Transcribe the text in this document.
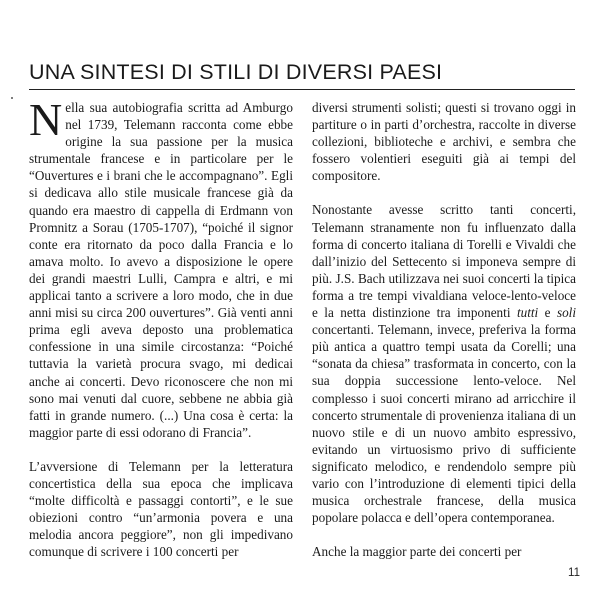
UNA SINTESI DI STILI DI DIVERSI PAESI

Nella sua autobiografia scritta ad Amburgo nel 1739, Telemann racconta come ebbe origine la sua passione per la musica strumentale francese e in particolare per le “Ouvertures e i brani che le accompagnano”. Egli si dedicava allo stile musicale francese già da quando era maestro di cappella di Erdmann von Promnitz a Sorau (1705-1707), “poiché il signor conte era ritornato da poco dalla Francia e lo amava molto. Io avevo a disposizione le opere dei grandi maestri Lulli, Campra e altri, e mi applicai tanto a scrivere a loro modo, che in due anni misi su circa 200 ouvertures”. Già venti anni prima egli aveva deposto una problematica confessione in una simile circostanza: “Poiché tuttavia la varietà procura svago, mi dedicai anche ai concerti. Devo riconoscere che non mi sono mai venuti dal cuore, sebbene ne abbia già fatti in grande numero. (...) Una cosa è certa: la maggior parte di essi odorano di Francia”.

L’avversione di Telemann per la letteratura concertistica della sua epoca che implicava “molte difficoltà e passaggi contorti”, e le sue obiezioni contro “un’armonia povera e una melodia ancora peggiore”, non gli impedivano comunque di scrivere i 100 concerti per

diversi strumenti solisti; questi si trovano oggi in partiture o in parti d’orchestra, raccolte in diverse collezioni, biblioteche e archivi, e sembra che fossero volentieri eseguiti già ai tempi del compositore.

Nonostante avesse scritto tanti concerti, Telemann stranamente non fu influenzato dalla forma di concerto italiana di Torelli e Vivaldi che dall’inizio del Settecento si imponeva sempre di più. J.S. Bach utilizzava nei suoi concerti la tipica forma a tre tempi vivaldiana veloce-lento-veloce e la netta distinzione tra imponenti tutti e soli concertanti. Telemann, invece, preferiva la forma più antica a quattro tempi usata da Corelli; una “sonata da chiesa” trasformata in concerto, con la sua doppia successione lento-veloce. Nel complesso i suoi concerti mirano ad arricchire il concerto strumentale di provenienza italiana di un nuovo stile e di un nuovo ambito espressivo, evitando un virtuosismo privo di sufficiente significato melodico, e rendendolo sempre più vario con l’introduzione di elementi tipici della musica orchestrale francese, della musica popolare polacca e dell’opera contemporanea.

Anche la maggior parte dei concerti per

11
